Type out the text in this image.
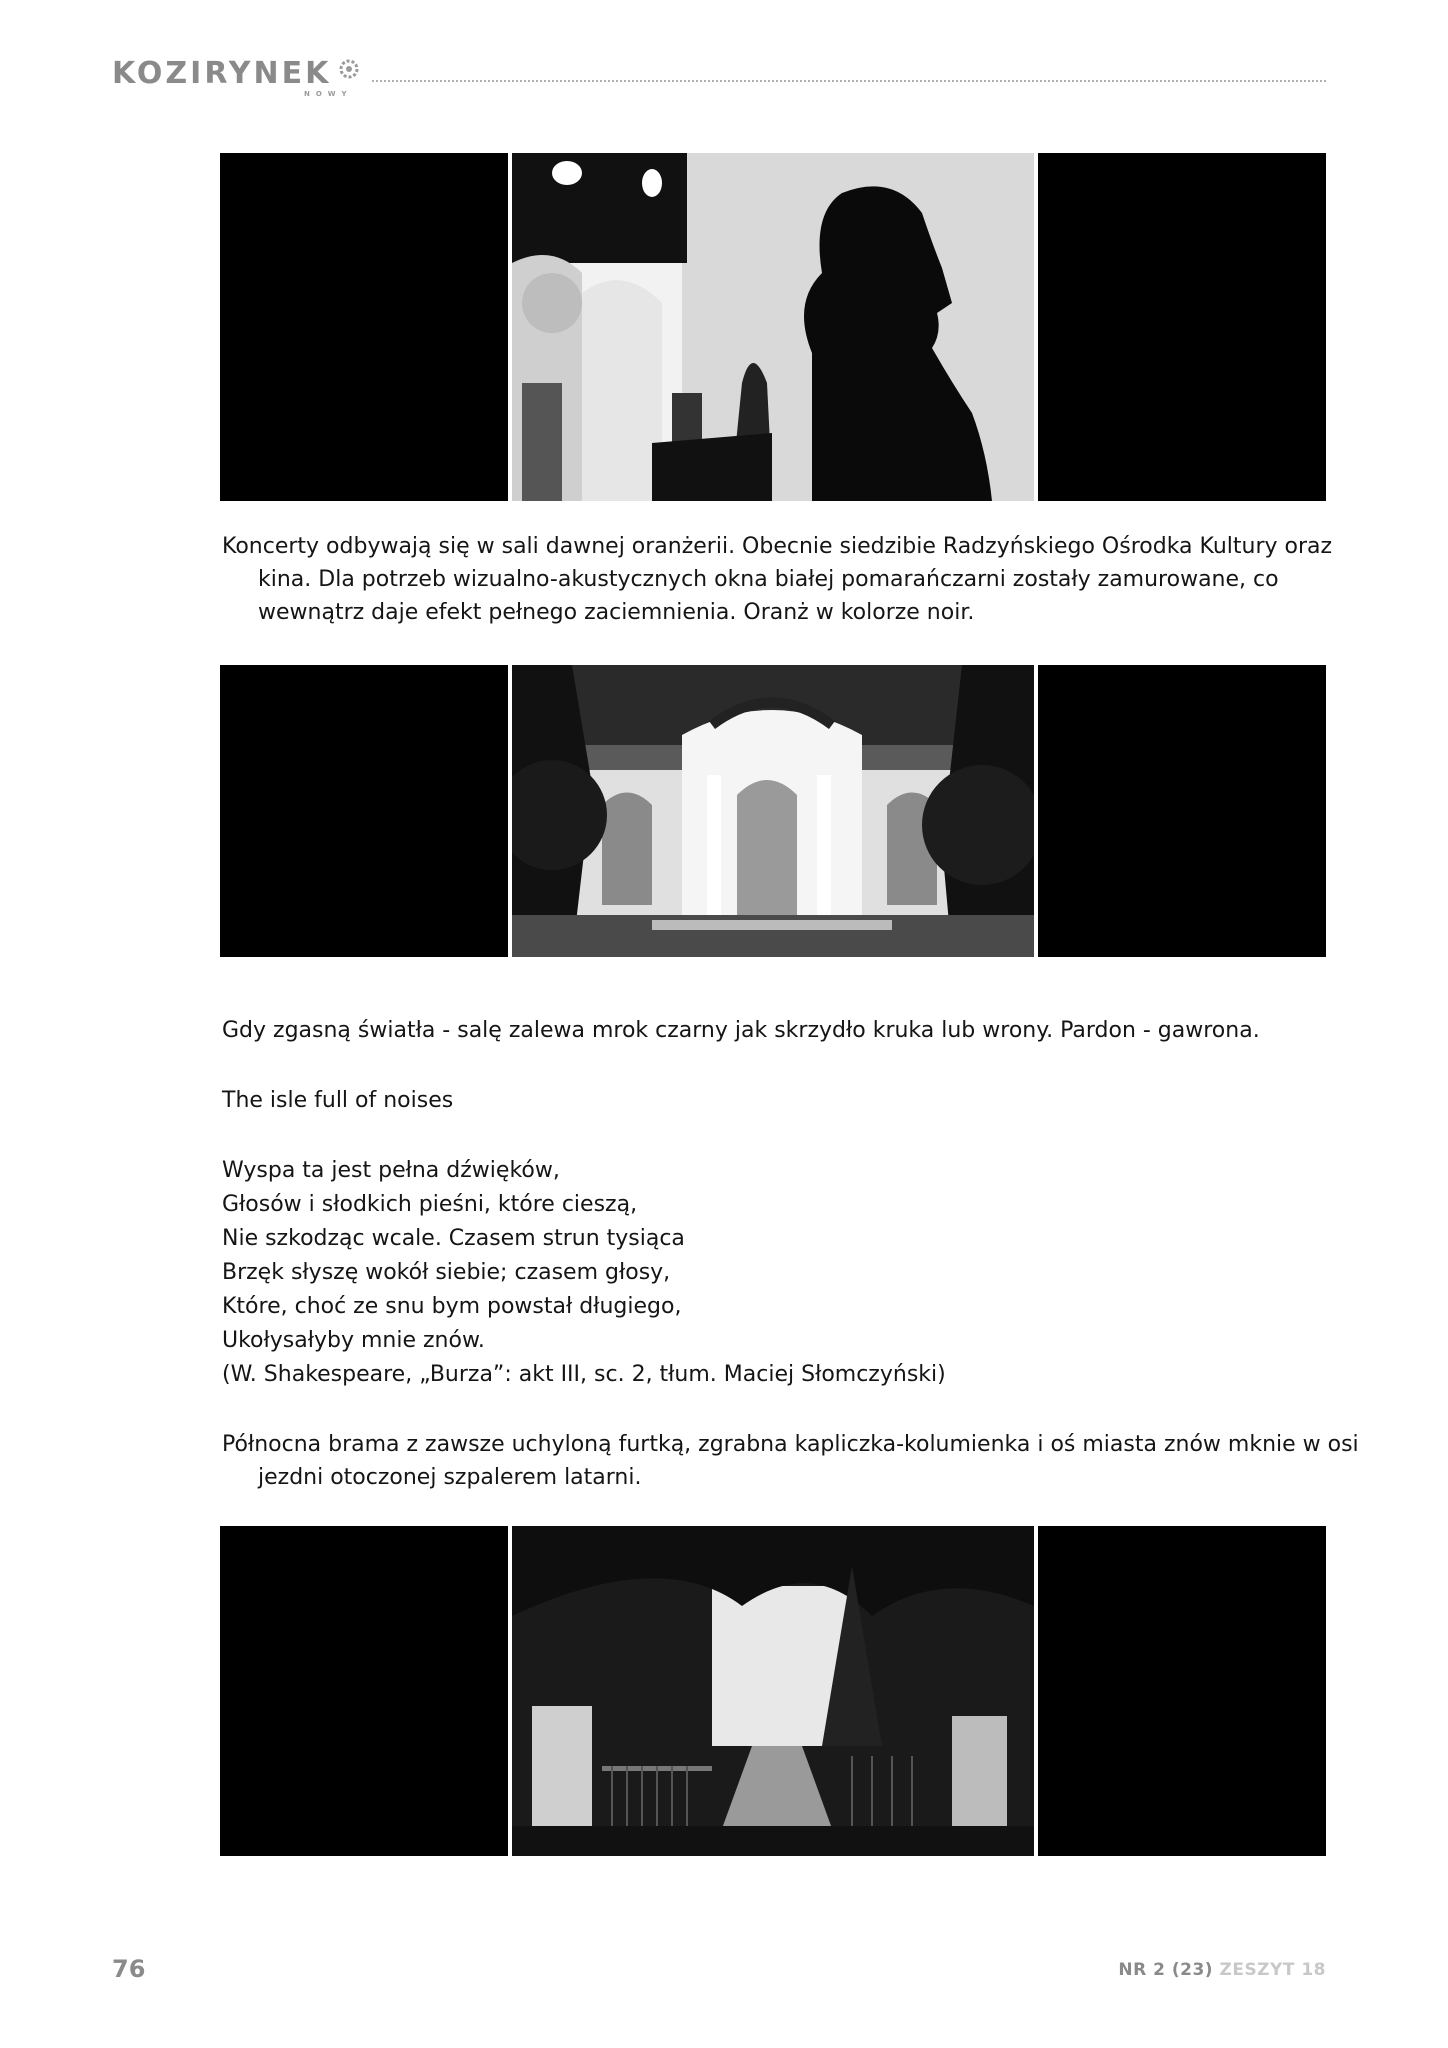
KOZIRYNEK
NOWY

Koncerty odbywają się w sali dawnej oranżerii. Obecnie siedzibie Radzyńskiego Ośrodka Kultury oraz kina. Dla potrzeb wizualno-akustycznych okna białej pomarańczarni zostały zamurowane, co wewnątrz daje efekt pełnego zaciemnienia. Oranż w kolorze noir.

Gdy zgasną światła - salę zalewa mrok czarny jak skrzydło kruka lub wrony. Pardon - gawrona.

The isle full of noises

Wyspa ta jest pełna dźwięków,

Głosów i słodkich pieśni, które cieszą,

Nie szkodząc wcale. Czasem strun tysiąca

Brzęk słyszę wokół siebie; czasem głosy,

Które, choć ze snu bym powstał długiego,

Ukołysałyby mnie znów.

(W. Shakespeare, „Burza”: akt III, sc. 2, tłum. Maciej Słomczyński)

Północna brama z zawsze uchyloną furtką, zgrabna kapliczka-kolumienka i oś miasta znów mknie w osi jezdni otoczonej szpalerem latarni.

76	NR 2 (23) ZESZYT 18
